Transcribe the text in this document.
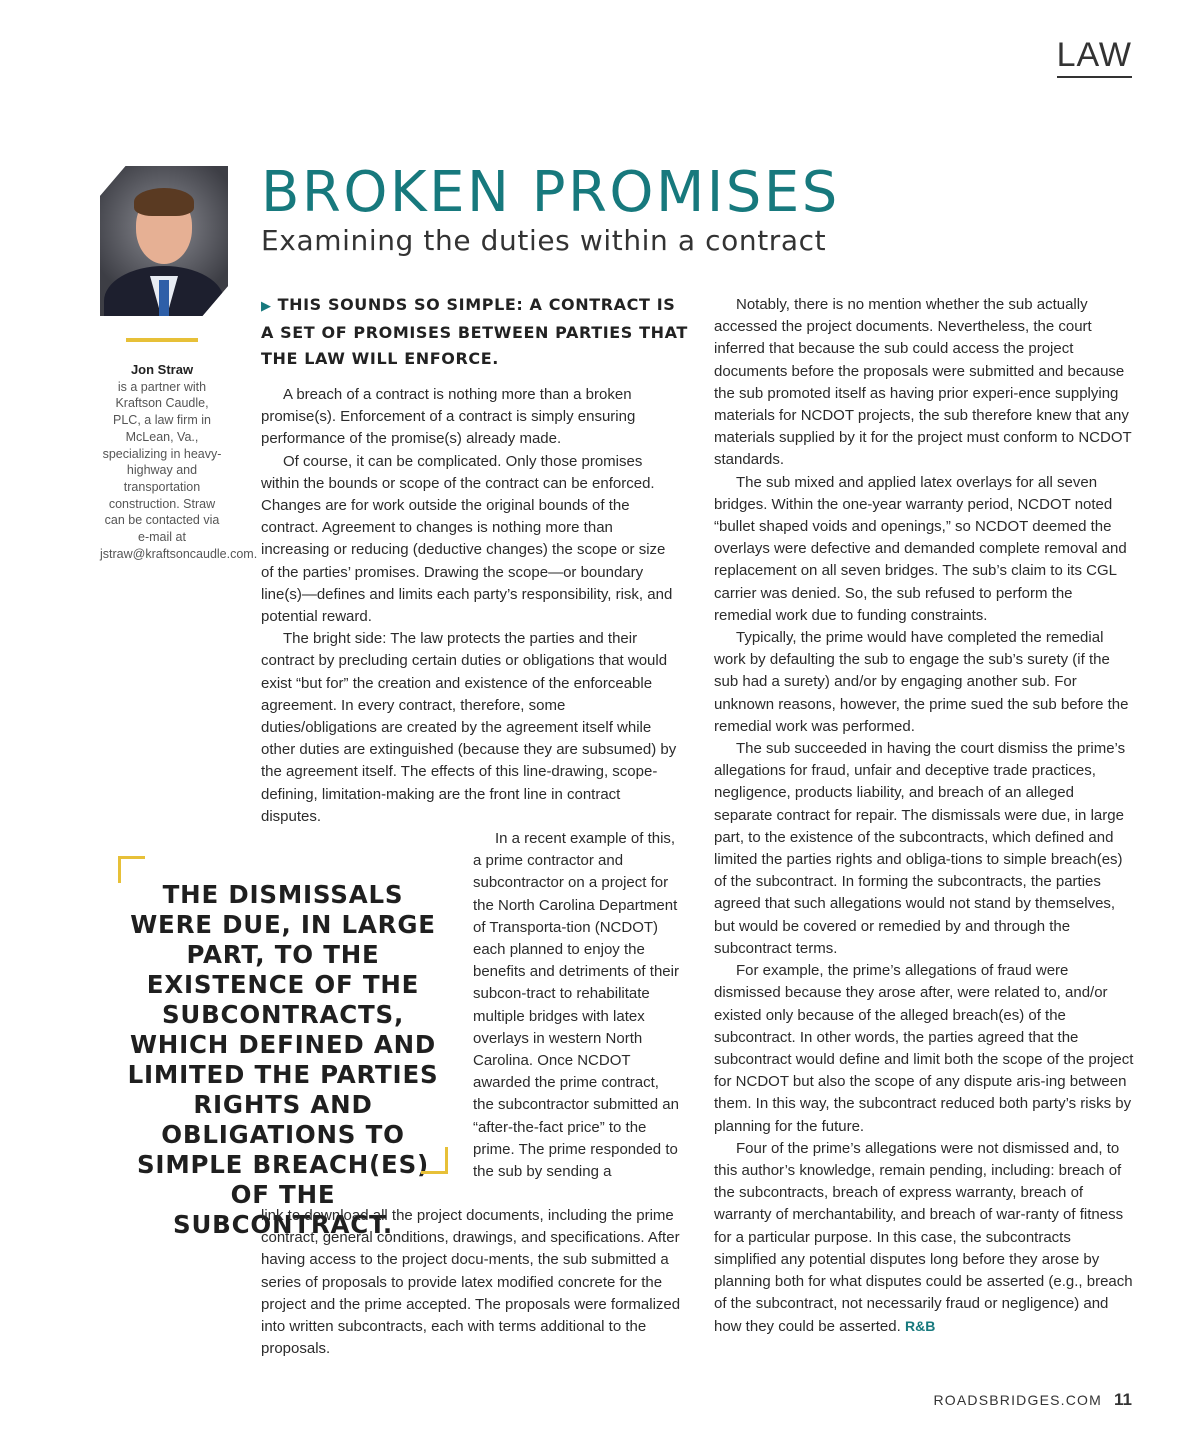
LAW
Jon Straw
is a partner with Kraftson Caudle, PLC, a law firm in McLean, Va., specializing in heavy-highway and transportation construction. Straw can be contacted via e-mail at jstraw@kraftsoncaudle.com.
BROKEN PROMISES
Examining the duties within a contract
▶ THIS SOUNDS SO SIMPLE: A CONTRACT IS A SET OF PROMISES BETWEEN PARTIES THAT THE LAW WILL ENFORCE.

A breach of a contract is nothing more than a broken promise(s). Enforcement of a contract is simply ensuring performance of the promise(s) already made.

Of course, it can be complicated. Only those promises within the bounds or scope of the contract can be enforced. Changes are for work outside the original bounds of the contract. Agreement to changes is nothing more than increasing or reducing (deductive changes) the scope or size of the parties’ promises. Drawing the scope—or boundary line(s)—defines and limits each party’s responsibility, risk, and potential reward.

The bright side: The law protects the parties and their contract by precluding certain duties or obligations that would exist “but for” the creation and existence of the enforceable agreement. In every contract, therefore, some duties/obligations are created by the agreement itself while other duties are extinguished (because they are subsumed) by the agreement itself. The effects of this line-drawing, scope-defining, limitation-making are the front line in contract disputes.

In a recent example of this, a prime contractor and subcontractor on a project for the North Carolina Department of Transporta-tion (NCDOT) each planned to enjoy the benefits and detriments of their subcon-tract to rehabilitate multiple bridges with latex overlays in western North Carolina. Once NCDOT awarded the prime contract, the subcontractor submitted an “after-the-fact price” to the prime. The prime responded to the sub by sending a

THE DISMISSALS WERE DUE, IN LARGE PART, TO THE EXISTENCE OF THE SUBCONTRACTS, WHICH DEFINED AND LIMITED THE PARTIES RIGHTS AND OBLIGATIONS TO SIMPLE BREACH(ES) OF THE SUBCONTRACT.

link to download all the project documents, including the prime contract, general conditions, drawings, and specifications. After having access to the project docu-ments, the sub submitted a series of proposals to provide latex modified concrete for the project and the prime accepted. The proposals were formalized into written subcontracts, each with terms additional to the proposals.

Notably, there is no mention whether the sub actually accessed the project documents. Nevertheless, the court inferred that because the sub could access the project documents before the proposals were submitted and because the sub promoted itself as having prior experi-ence supplying materials for NCDOT projects, the sub therefore knew that any materials supplied by it for the project must conform to NCDOT standards.

The sub mixed and applied latex overlays for all seven bridges. Within the one-year warranty period, NCDOT noted “bullet shaped voids and openings,” so NCDOT deemed the overlays were defective and demanded complete removal and replacement on all seven bridges. The sub’s claim to its CGL carrier was denied. So, the sub refused to perform the remedial work due to funding constraints.

Typically, the prime would have completed the remedial work by defaulting the sub to engage the sub’s surety (if the sub had a surety) and/or by engaging another sub. For unknown reasons, however, the prime sued the sub before the remedial work was performed.

The sub succeeded in having the court dismiss the prime’s allegations for fraud, unfair and deceptive trade practices, negligence, products liability, and breach of an alleged separate contract for repair. The dismissals were due, in large part, to the existence of the subcontracts, which defined and limited the parties rights and obliga-tions to simple breach(es) of the subcontract. In forming the subcontracts, the parties agreed that such allegations would not stand by themselves, but would be covered or remedied by and through the subcontract terms.

For example, the prime’s allegations of fraud were dismissed because they arose after, were related to, and/or existed only because of the alleged breach(es) of the subcontract. In other words, the parties agreed that the subcontract would define and limit both the scope of the project for NCDOT but also the scope of any dispute aris-ing between them. In this way, the subcontract reduced both party’s risks by planning for the future.

Four of the prime’s allegations were not dismissed and, to this author’s knowledge, remain pending, including: breach of the subcontracts, breach of express warranty, breach of warranty of merchantability, and breach of war-ranty of fitness for a particular purpose. In this case, the subcontracts simplified any potential disputes long before they arose by planning both for what disputes could be asserted (e.g., breach of the subcontract, not necessarily fraud or negligence) and how they could be asserted. R&B

ROADSBRIDGES.COM 11
